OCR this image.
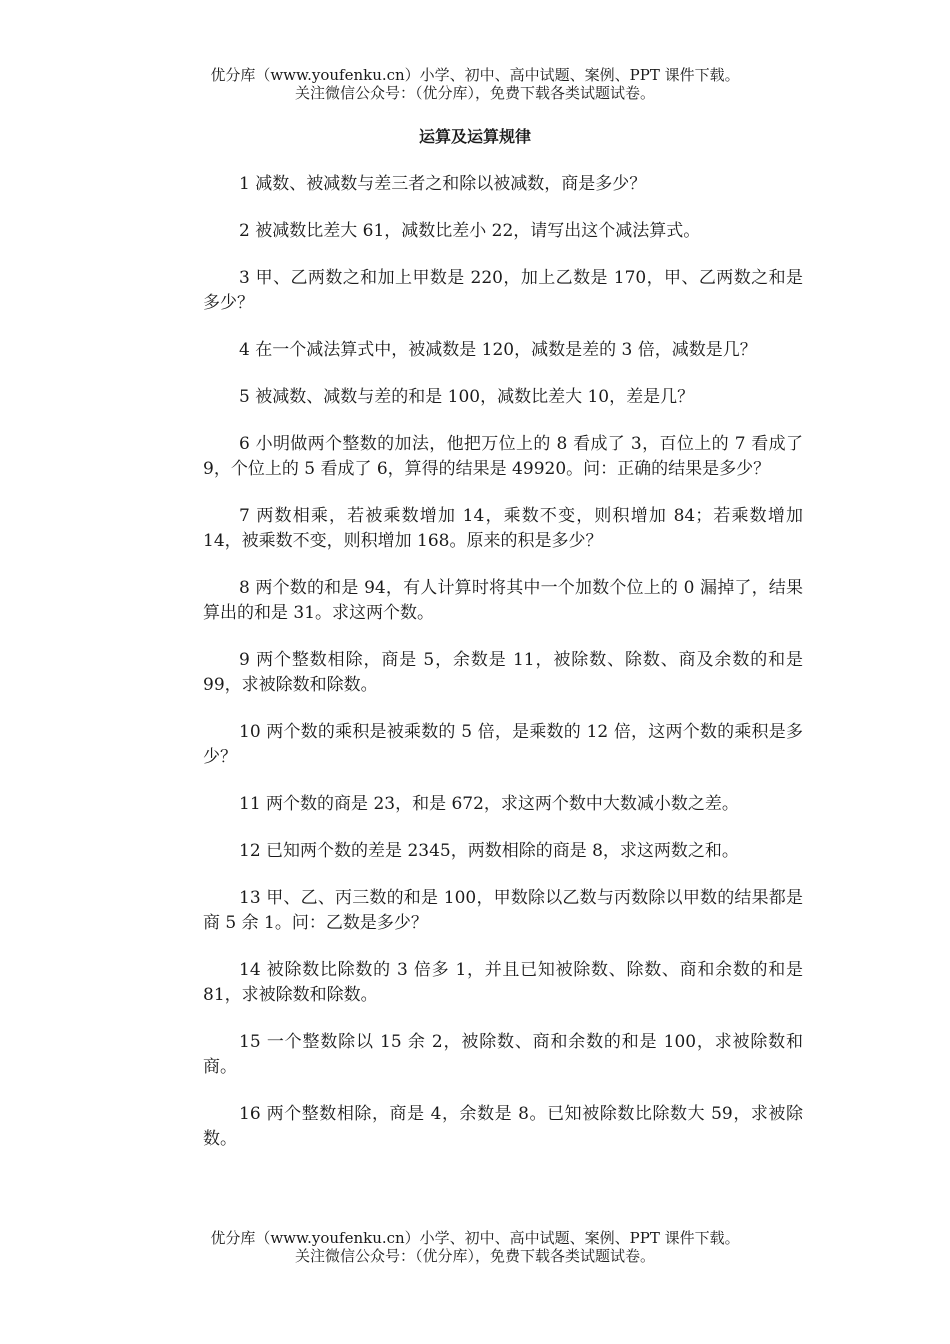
优分库（www.youfenku.cn）小学、初中、高中试题、案例、PPT 课件下载。
关注微信公众号：（优分库），免费下载各类试题试卷。
运算及运算规律

1 减数、被减数与差三者之和除以被减数，商是多少？

2 被减数比差大 61，减数比差小 22，请写出这个减法算式。

3 甲、乙两数之和加上甲数是 220，加上乙数是 170，甲、乙两数之和是多少？

4 在一个减法算式中，被减数是 120，减数是差的 3 倍，减数是几？

5 被减数、减数与差的和是 100，减数比差大 10，差是几？

6 小明做两个整数的加法，他把万位上的 8 看成了 3，百位上的 7 看成了 9，个位上的 5 看成了 6，算得的结果是 49920。问：正确的结果是多少？

7 两数相乘，若被乘数增加 14，乘数不变，则积增加 84；若乘数增加 14，被乘数不变，则积增加 168。原来的积是多少？

8 两个数的和是 94，有人计算时将其中一个加数个位上的 0 漏掉了，结果算出的和是 31。求这两个数。

9 两个整数相除，商是 5，余数是 11，被除数、除数、商及余数的和是 99，求被除数和除数。

10 两个数的乘积是被乘数的 5 倍，是乘数的 12 倍，这两个数的乘积是多少？

11 两个数的商是 23，和是 672，求这两个数中大数减小数之差。

12 已知两个数的差是 2345，两数相除的商是 8，求这两数之和。

13 甲、乙、丙三数的和是 100，甲数除以乙数与丙数除以甲数的结果都是商 5 余 1。问：乙数是多少？

14 被除数比除数的 3 倍多 1，并且已知被除数、除数、商和余数的和是 81，求被除数和除数。

15 一个整数除以 15 余 2，被除数、商和余数的和是 100，求被除数和商。

16 两个整数相除，商是 4，余数是 8。已知被除数比除数大 59，求被除数。

优分库（www.youfenku.cn）小学、初中、高中试题、案例、PPT 课件下载。
关注微信公众号：（优分库），免费下载各类试题试卷。
